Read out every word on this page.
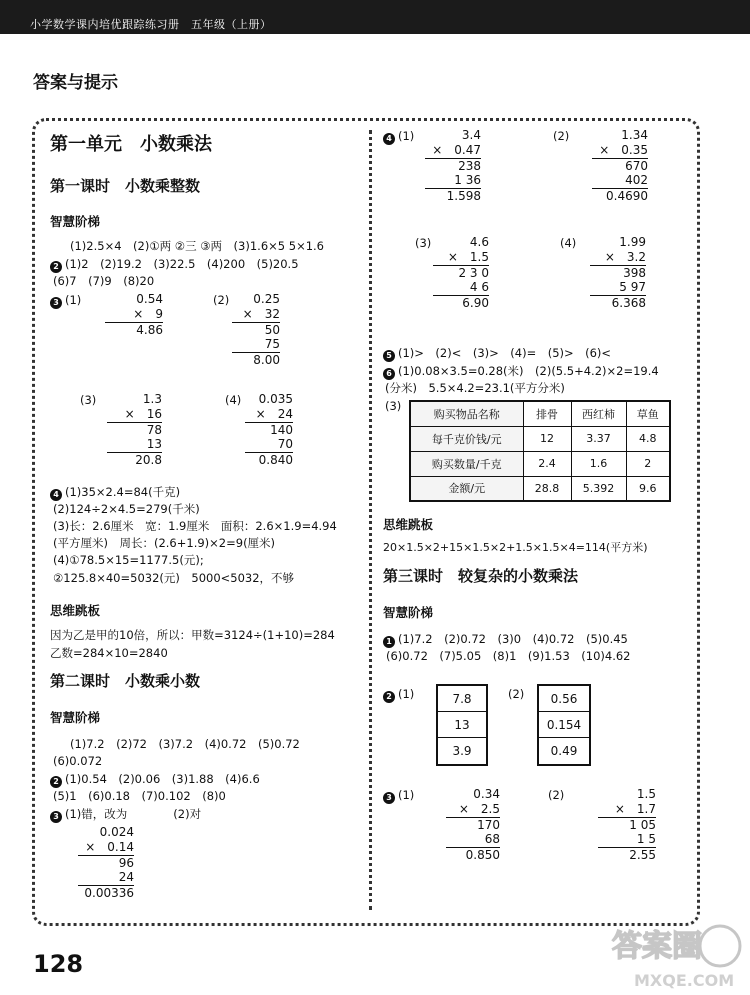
小学数学课内培优跟踪练习册　五年级（上册）
答案与提示
第一单元　小数乘法
第一课时　小数乘整数
智慧阶梯
(1)2.5×4　(2)①两 ②三 ③两　(3)1.6×5 5×1.6
2 (1)2　(2)19.2　(3)22.5　(4)200　(5)20.5
(6)7　(7)9　(8)20
3 (1)	(2)
(3)	(4)
0.54
×　9
4.86
0.25
×　32
50
75
8.00
1.3
×　16
78
13
20.8
0.035
×　24
140
70
0.840
4 (1)35×2.4=84(千克)
(2)124÷2×4.5=279(千米)
(3)长：2.6厘米　宽：1.9厘米　面积：2.6×1.9=4.94
(平方厘米)　周长：(2.6+1.9)×2=9(厘米)
(4)①78.5×15=1177.5(元);
②125.8×40=5032(元)　5000<5032，不够
思维跳板
因为乙是甲的10倍，所以：甲数=3124÷(1+10)=284
乙数=284×10=2840
第二课时　小数乘小数
智慧阶梯
(1)7.2　(2)72　(3)7.2　(4)0.72　(5)0.72
(6)0.072
2 (1)0.54　(2)0.06　(3)1.88　(4)6.6
(5)1　(6)0.18　(7)0.102　(8)0
3 (1)错，改为　　　　(2)对
0.024
×　0.14
96
24
0.00336
4 (1)	(2)
(3)	(4)
3.4
×　0.47
238
1 36
1.598
1.34
×　0.35
670
402
0.4690
4.6
×　1.5
2 3 0
4 6
6.90
1.99
×　3.2
398
5 97
6.368
5 (1)>　(2)<　(3)>　(4)=　(5)>　(6)<
6 (1)0.08×3.5=0.28(米)　(2)(5.5+4.2)×2=19.4
(分米)　5.5×4.2=23.1(平方分米)
(3)
购买物品名称	排骨	西红柿	草鱼
每千克价钱/元	12	3.37	4.8
购买数量/千克	2.4	1.6	2
金额/元	28.8	5.392	9.6
思维跳板
20×1.5×2+15×1.5×2+1.5×1.5×4=114(平方米)
第三课时　较复杂的小数乘法
智慧阶梯
1 (1)7.2　(2)0.72　(3)0　(4)0.72　(5)0.45
(6)0.72　(7)5.05　(8)1　(9)1.53　(10)4.62
2 (1)	(2)
7.8
13
3.9
0.56
0.154
0.49
3 (1)	(2)
0.34
×　2.5
170
68
0.850
1.5
×　1.7
1 05
1 5
2.55
128	答案圈
MXQE.COM
